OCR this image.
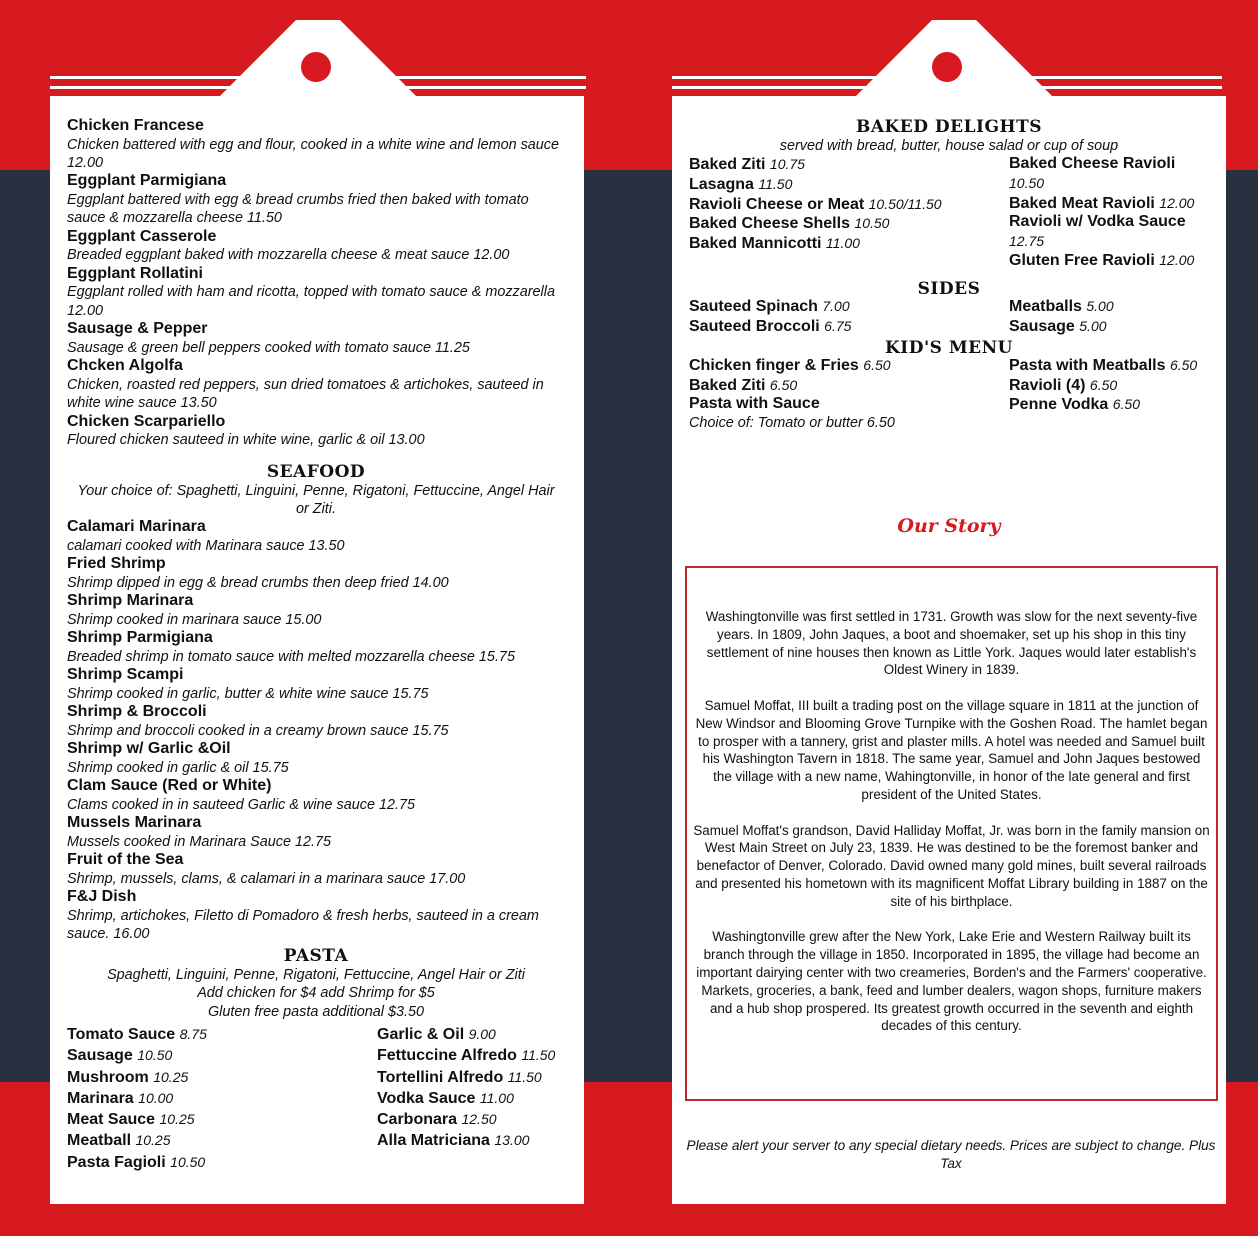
Chicken Francese

Chicken battered with egg and flour, cooked in a white wine and lemon sauce 12.00

Eggplant Parmigiana

Eggplant battered with egg & bread crumbs fried then baked with tomato sauce & mozzarella cheese 11.50

Eggplant Casserole

Breaded eggplant baked with mozzarella cheese & meat sauce 12.00

Eggplant Rollatini

Eggplant rolled with ham and ricotta, topped with tomato sauce & mozzarella 12.00

Sausage & Pepper

Sausage & green bell peppers cooked with tomato sauce 11.25

Chcken Algolfa

Chicken, roasted red peppers, sun dried tomatoes & artichokes, sauteed in white wine sauce 13.50

Chicken Scarpariello

Floured chicken sauteed in white wine, garlic & oil 13.00

SEAFOOD

Your choice of: Spaghetti, Linguini, Penne, Rigatoni, Fettuccine, Angel Hair or Ziti.

Calamari Marinara

calamari cooked with Marinara sauce 13.50

Fried Shrimp

Shrimp dipped in egg & bread crumbs then deep fried 14.00

Shrimp Marinara

Shrimp cooked in marinara sauce 15.00

Shrimp Parmigiana

Breaded shrimp in tomato sauce with melted mozzarella cheese 15.75

Shrimp Scampi

Shrimp cooked in garlic, butter & white wine sauce 15.75

Shrimp & Broccoli

Shrimp and broccoli cooked in a creamy brown sauce 15.75

Shrimp w/ Garlic &Oil

Shrimp cooked in garlic & oil 15.75

Clam Sauce (Red or White)

Clams cooked in in sauteed Garlic & wine sauce 12.75

Mussels Marinara

Mussels cooked in Marinara Sauce 12.75

Fruit of the Sea

Shrimp, mussels, clams, & calamari in a marinara sauce 17.00

F&J Dish

Shrimp, artichokes, Filetto di Pomadoro & fresh herbs, sauteed in a cream sauce. 16.00

PASTA

Spaghetti, Linguini, Penne, Rigatoni, Fettuccine, Angel Hair or Ziti

Add chicken for $4 add Shrimp for $5

Gluten free pasta additional $3.50

Tomato Sauce 8.75

Sausage 10.50

Mushroom 10.25

Marinara 10.00

Meat Sauce 10.25

Meatball 10.25

Pasta Fagioli 10.50

Garlic & Oil 9.00

Fettuccine Alfredo 11.50

Tortellini Alfredo 11.50

Vodka Sauce 11.00

Carbonara 12.50

Alla Matriciana 13.00

BAKED DELIGHTS

served with bread, butter, house salad or cup of soup

Baked Ziti 10.75

Lasagna 11.50

Ravioli Cheese or Meat 10.50/11.50

Baked Cheese Shells 10.50

Baked Mannicotti 11.00

Baked Cheese Ravioli 10.50

Baked Meat Ravioli 12.00

Ravioli w/ Vodka Sauce 12.75

Gluten Free Ravioli 12.00

SIDES

Sauteed Spinach 7.00

Sauteed Broccoli 6.75

Meatballs 5.00

Sausage 5.00

KID'S MENU

Chicken finger & Fries 6.50

Baked Ziti 6.50

Pasta with Sauce

Choice of: Tomato or butter 6.50

Pasta with Meatballs 6.50

Ravioli (4) 6.50

Penne Vodka 6.50

Our Story

Washingtonville was first settled in 1731. Growth was slow for the next seventy-five years. In 1809, John Jaques, a boot and shoemaker, set up his shop in this tiny settlement of nine houses then known as Little York. Jaques would later establish's Oldest Winery in 1839.

Samuel Moffat, III built a trading post on the village square in 1811 at the junction of New Windsor and Blooming Grove Turnpike with the Goshen Road. The hamlet began to prosper with a tannery, grist and plaster mills. A hotel was needed and Samuel built his Washington Tavern in 1818. The same year, Samuel and John Jaques bestowed the village with a new name, Wahingtonville, in honor of the late general and first president of the United States.

Samuel Moffat's grandson, David Halliday Moffat, Jr. was born in the family mansion on West Main Street on July 23, 1839. He was destined to be the foremost banker and benefactor of Denver, Colorado. David owned many gold mines, built several railroads and presented his hometown with its magnificent Moffat Library building in 1887 on the site of his birthplace.

Washingtonville grew after the New York, Lake Erie and Western Railway built its branch through the village in 1850. Incorporated in 1895, the village had become an important dairying center with two creameries, Borden's and the Farmers' cooperative. Markets, groceries, a bank, feed and lumber dealers, wagon shops, furniture makers and a hub shop prospered. Its greatest growth occurred in the seventh and eighth decades of this century.

Please alert your server to any special dietary needs. Prices are subject to change. Plus Tax
